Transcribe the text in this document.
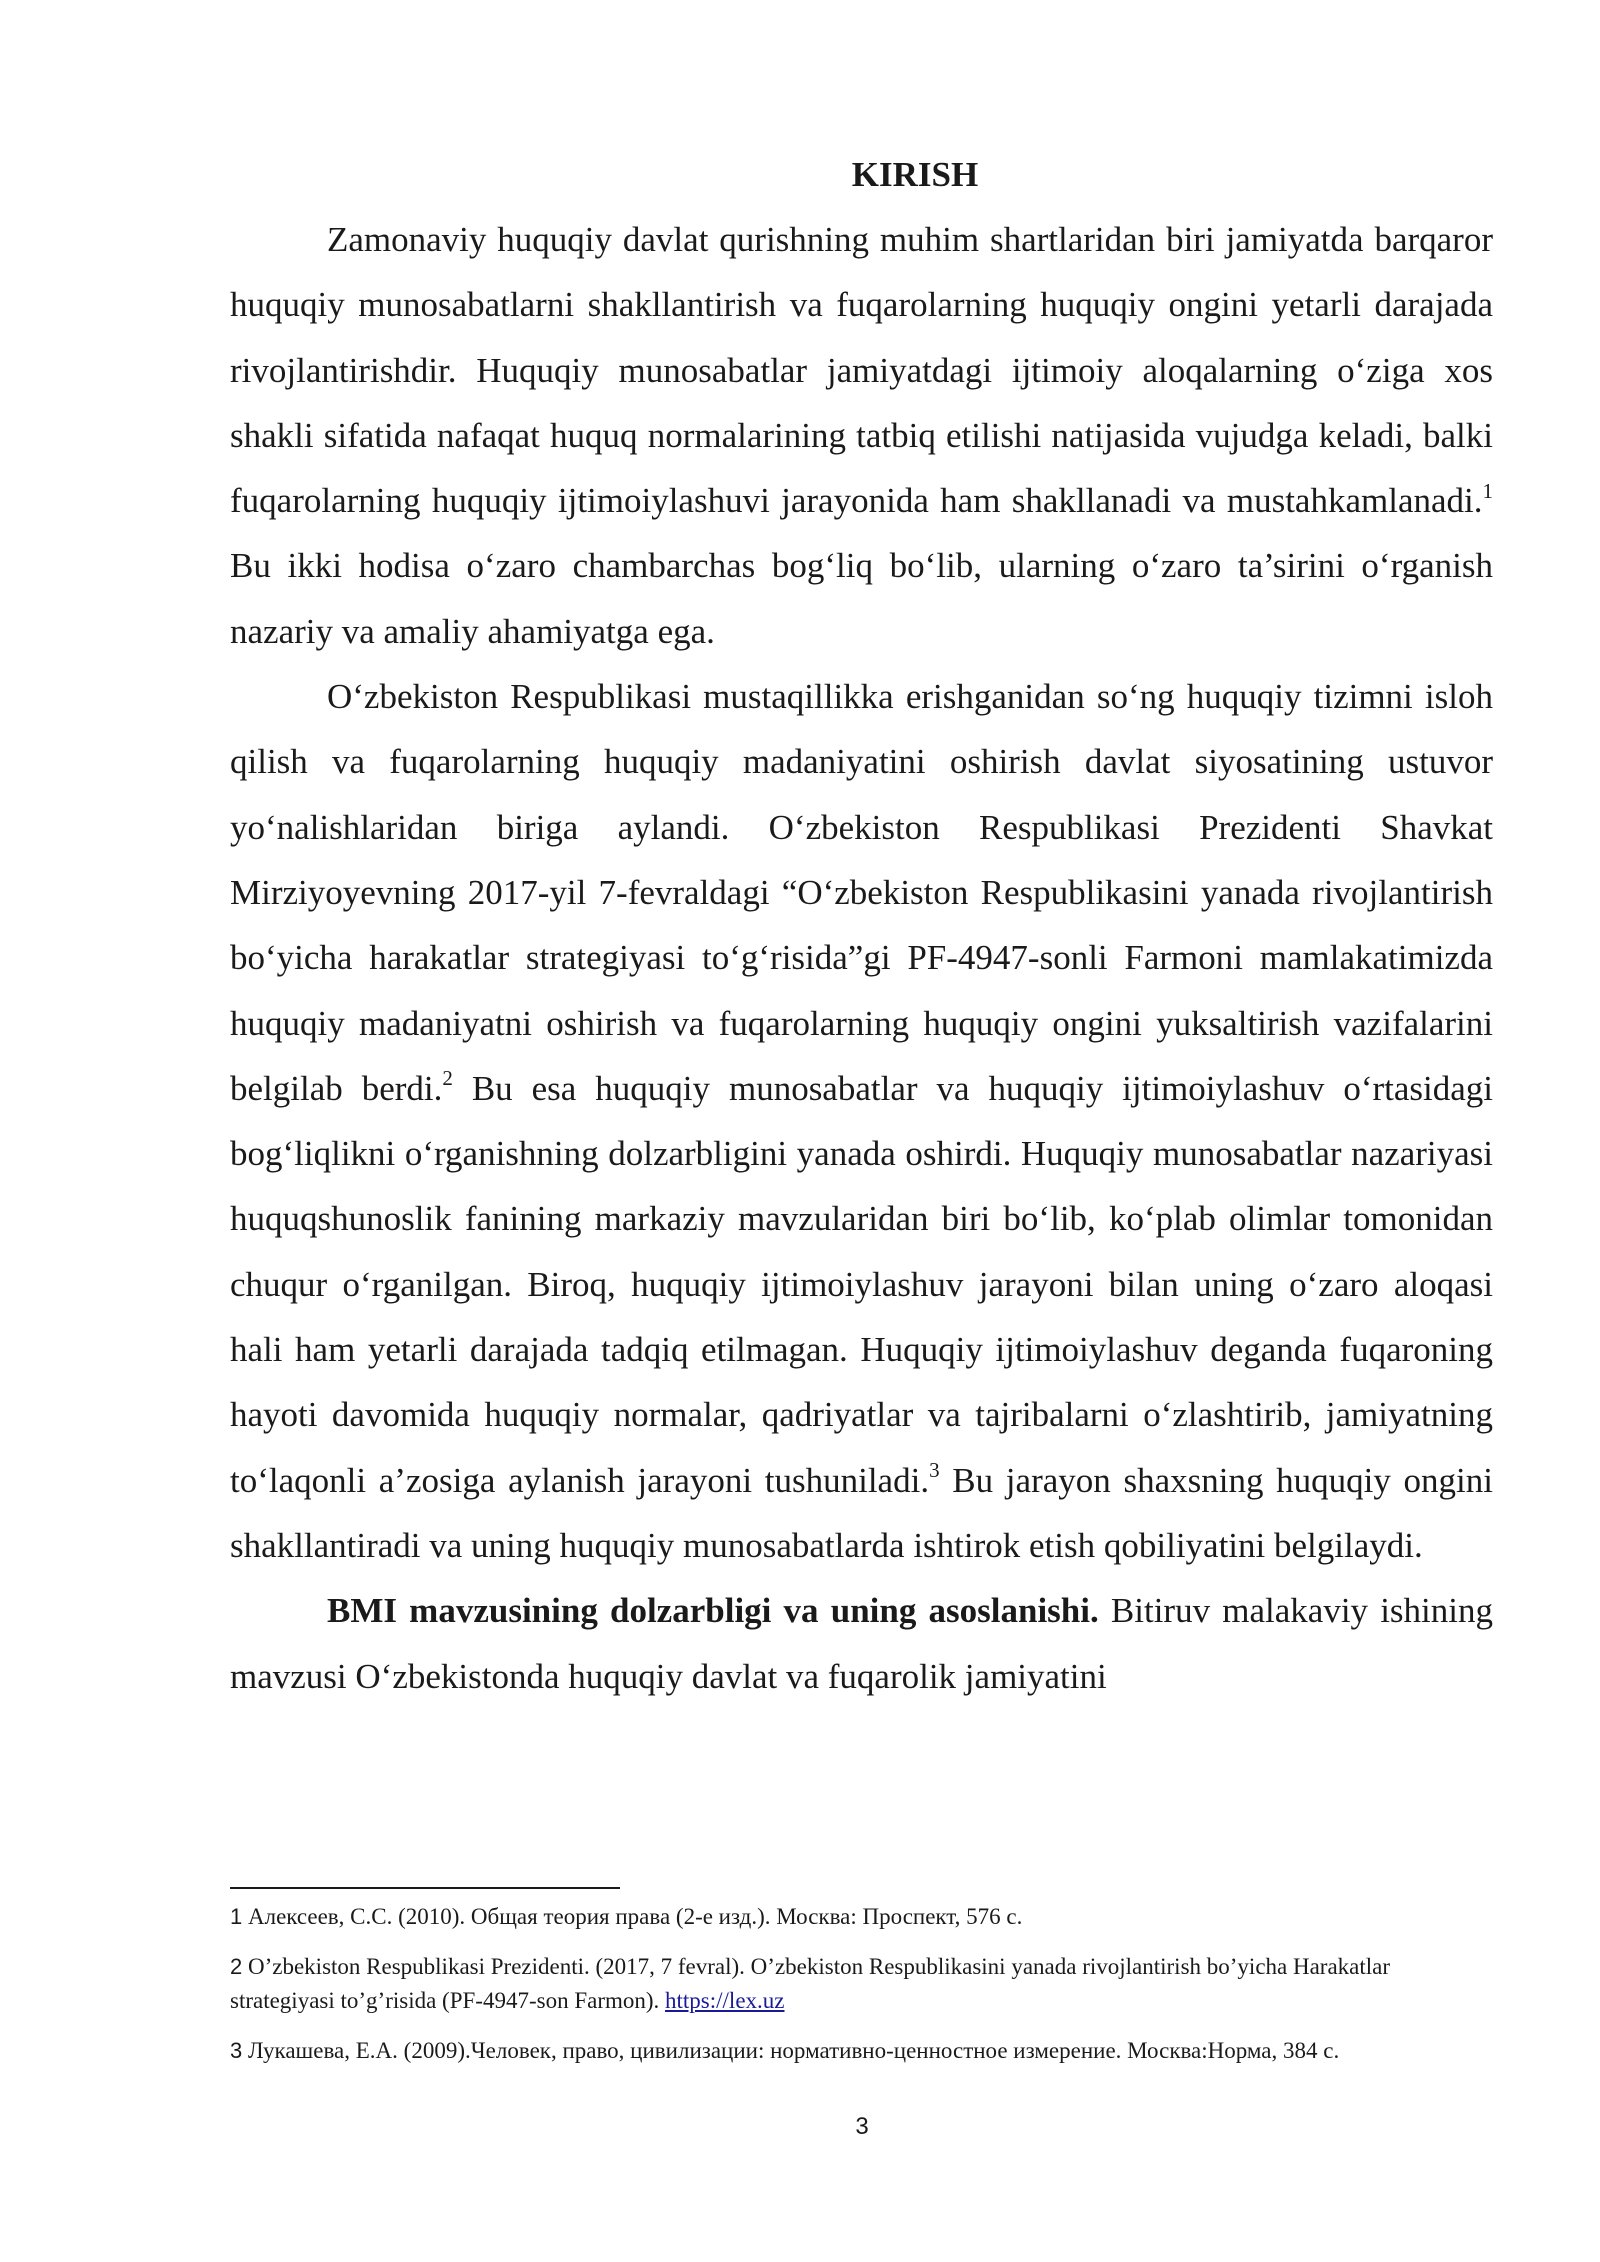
KIRISH

Zamonaviy huquqiy davlat qurishning muhim shartlaridan biri jamiyatda barqaror huquqiy munosabatlarni shakllantirish va fuqarolarning huquqiy ongini yetarli darajada rivojlantirishdir. Huquqiy munosabatlar jamiyatdagi ijtimoiy aloqalarning o‘ziga xos shakli sifatida nafaqat huquq normalarining tatbiq etilishi natijasida vujudga keladi, balki fuqarolarning huquqiy ijtimoiylashuvi jarayonida ham shakllanadi va mustahkamlanadi.$^1$ Bu ikki hodisa o‘zaro chambarchas bog‘liq bo‘lib, ularning o‘zaro ta’sirini o‘rganish nazariy va amaliy ahamiyatga ega.

O‘zbekiston Respublikasi mustaqillikka erishganidan so‘ng huquqiy tizimni isloh qilish va fuqarolarning huquqiy madaniyatini oshirish davlat siyosatining ustuvor yo‘nalishlaridan biriga aylandi. O‘zbekiston Respublikasi Prezidenti Shavkat Mirziyoyevning 2017-yil 7-fevraldagi “O‘zbekiston Respublikasini yanada rivojlantirish bo‘yicha harakatlar strategiyasi to‘g‘risida”gi PF-4947-sonli Farmoni mamlakatimizda huquqiy madaniyatni oshirish va fuqarolarning huquqiy ongini yuksaltirish vazifalarini belgilab berdi.$^2$ Bu esa huquqiy munosabatlar va huquqiy ijtimoiylashuv o‘rtasidagi bog‘liqlikni o‘rganishning dolzarbligini yanada oshirdi. Huquqiy munosabatlar nazariyasi huquqshunoslik fanining markaziy mavzularidan biri bo‘lib, ko‘plab olimlar tomonidan chuqur o‘rganilgan. Biroq, huquqiy ijtimoiylashuv jarayoni bilan uning o‘zaro aloqasi hali ham yetarli darajada tadqiq etilmagan. Huquqiy ijtimoiylashuv deganda fuqaroning hayoti davomida huquqiy normalar, qadriyatlar va tajribalarni o‘zlashtirib, jamiyatning to‘laqonli a’zosiga aylanish jarayoni tushuniladi.$^3$ Bu jarayon shaxsning huquqiy ongini shakllantiradi va uning huquqiy munosabatlarda ishtirok etish qobiliyatini belgilaydi.

BMI mavzusining dolzarbligi va uning asoslanishi. Bitiruv malakaviy ishining mavzusi O‘zbekistonda huquqiy davlat va fuqarolik jamiyatini

1 Алексеев, С.С. (2010). Общая теория права (2-е изд.). Москва: Проспект, 576 с.

2 O’zbekiston Respublikasi Prezidenti. (2017, 7 fevral). O’zbekiston Respublikasini yanada rivojlantirish bo’yicha Harakatlar strategiyasi to’g’risida (PF-4947-son Farmon). https://lex.uz

3 Лукашева, Е.А. (2009).Человек, право, цивилизации: нормативно-ценностное измерение. Москва:Норма, 384 с.

3
